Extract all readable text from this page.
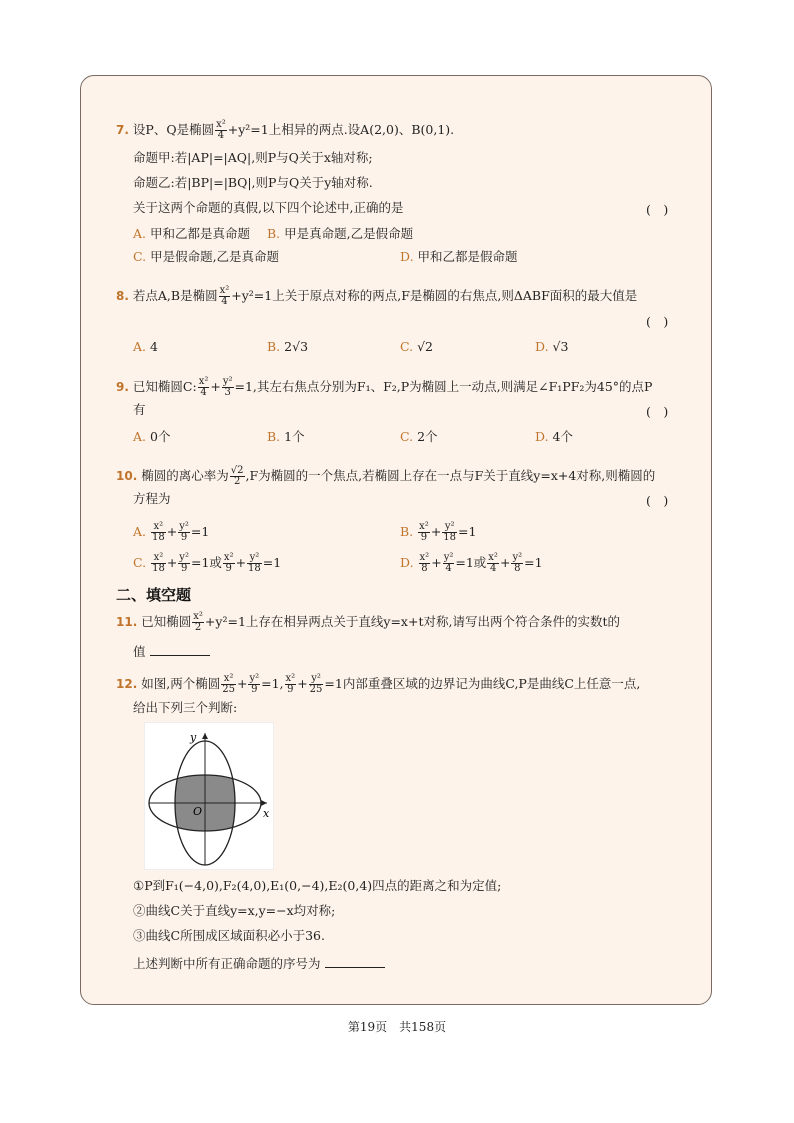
7. 设P、Q是椭圆 $\frac{\text{x²}}{4} +y^2=1$上相异的两点.设A(2,0)、B(0,1).
命题甲:若|AP|=|AQ|,则P与Q关于x轴对称;
命题乙:若|BP|=|BQ|,则P与Q关于y轴对称.
关于这两个命题的真假,以下四个论述中,正确的是	(　)
A. 甲和乙都是真命题 B. 甲是真命题,乙是假命题
C. 甲是假命题,乙是真命题	D. 甲和乙都是假命题
8. 若点A,B是椭圆 $\frac{\text{x²}}{4} +y^2=1$上关于原点对称的两点,F是椭圆的右焦点,则ΔABF面积的最大值是
(　)
A. 4	B. 2√3	C. √2	D. √3
9. 已知椭圆C: $\frac{\text{x²}}{4} + \frac{\text{y²}}{3} =1$,其左右焦点分别为F₁、F₂,P为椭圆上一动点,则满足∠F₁PF₂为45°的点P
有	(　)
A. 0个	B. 1个	C. 2个	D. 4个
10. 椭圆的离心率为 $\frac{√2}{2} ,F$为椭圆的一个焦点,若椭圆上存在一点与F关于直线y=x+4对称,则椭圆的
方程为	(　)
A. $\frac{\text{x²}}{18} + \frac{\text{y²}}{9} =1$	B. $\frac{\text{x²}}{9} + \frac{\text{y²}}{18} =1$
C. $\frac{\text{x²}}{18} + \frac{\text{y²}}{9} =1$或 $\frac{\text{x²}}{9} + \frac{\text{y²}}{18} =1$	D. $\frac{\text{x²}}{8} + \frac{\text{y²}}{4} =1$或 $\frac{\text{x²}}{4} + \frac{\text{y²}}{8} =1$
二、填空题
11. 已知椭圆 $\frac{\text{x²}}{2} +y^2=1$上存在相异两点关于直线y=x+t对称,请写出两个符合条件的实数t的
值
12. 如图,两个椭圆 $\frac{\text{x²}}{25} + \frac{\text{y²}}{9} =1$, $\frac{\text{x²}}{9} + \frac{\text{y²}}{25} =1$内部重叠区域的边界记为曲线C,P是曲线C上任意一点,
给出下列三个判断:
y
x
O
①P到F₁(−4,0),F₂(4,0),E₁(0,−4),E₂(0,4)四点的距离之和为定值;
②曲线C关于直线y=x,y=−x均对称;
③曲线C所围成区域面积必小于36.
上述判断中所有正确命题的序号为
第19页　共158页
